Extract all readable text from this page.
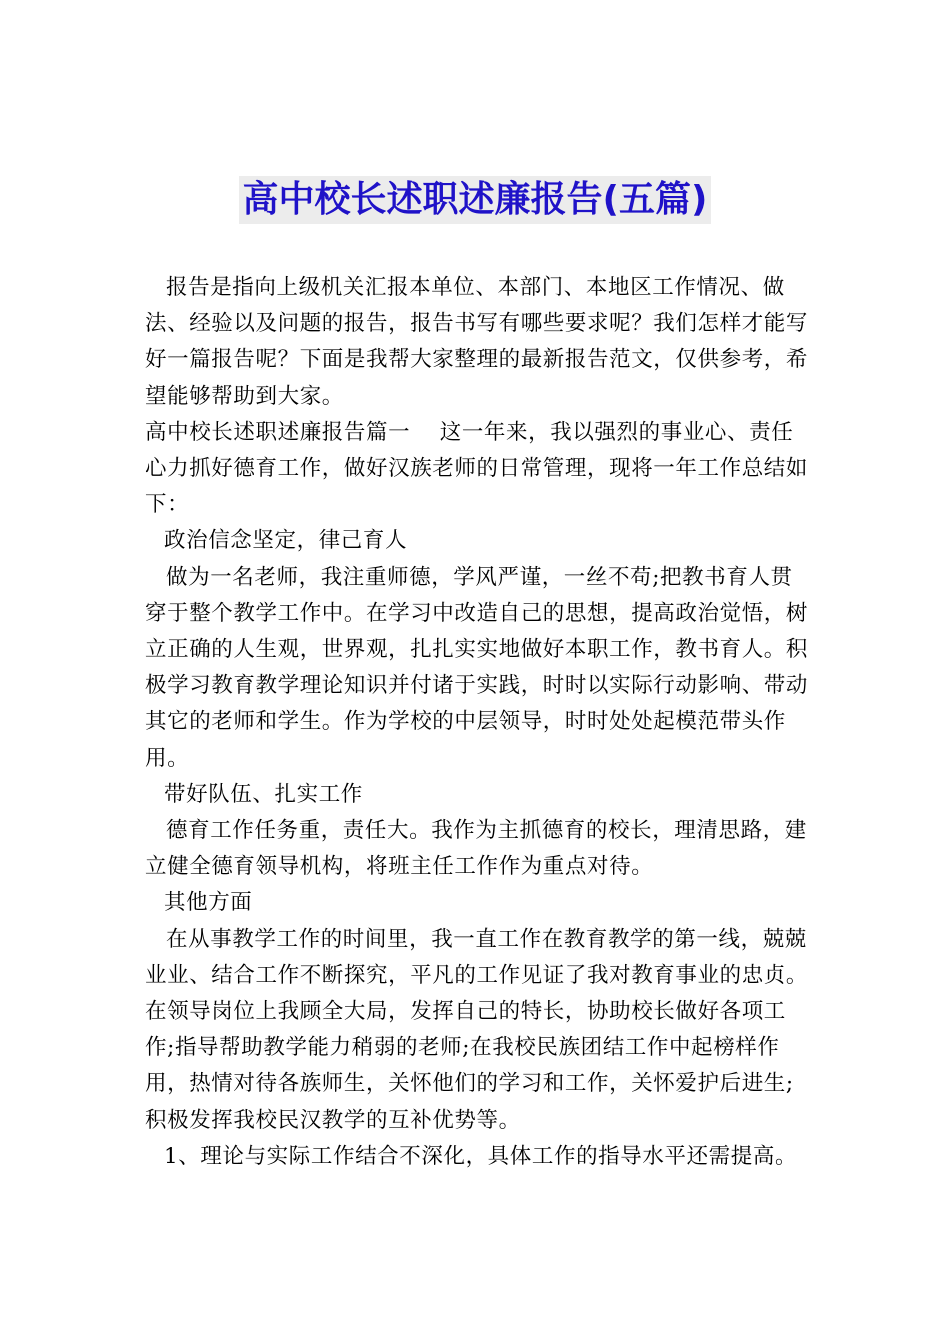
高中校长述职述廉报告(五篇)

报告是指向上级机关汇报本单位、本部门、本地区工作情况、做法、经验以及问题的报告，报告书写有哪些要求呢？我们怎样才能写好一篇报告呢？下面是我帮大家整理的最新报告范文，仅供参考，希望能够帮助到大家。

高中校长述职述廉报告篇一　 这一年来，我以强烈的事业心、责任心力抓好德育工作，做好汉族老师的日常管理，现将一年工作总结如下：

政治信念坚定，律己育人

做为一名老师，我注重师德，学风严谨，一丝不苟;把教书育人贯穿于整个教学工作中。在学习中改造自己的思想，提高政治觉悟，树立正确的人生观，世界观，扎扎实实地做好本职工作，教书育人。积极学习教育教学理论知识并付诸于实践，时时以实际行动影响、带动其它的老师和学生。作为学校的中层领导，时时处处起模范带头作用。

带好队伍、扎实工作

德育工作任务重，责任大。我作为主抓德育的校长，理清思路，建立健全德育领导机构，将班主任工作作为重点对待。

其他方面

在从事教学工作的时间里，我一直工作在教育教学的第一线，兢兢业业、结合工作不断探究，平凡的工作见证了我对教育事业的忠贞。在领导岗位上我顾全大局，发挥自己的特长，协助校长做好各项工作;指导帮助教学能力稍弱的老师;在我校民族团结工作中起榜样作用，热情对待各族师生，关怀他们的学习和工作，关怀爱护后进生;积极发挥我校民汉教学的互补优势等。

1、理论与实际工作结合不深化，具体工作的指导水平还需提高。
